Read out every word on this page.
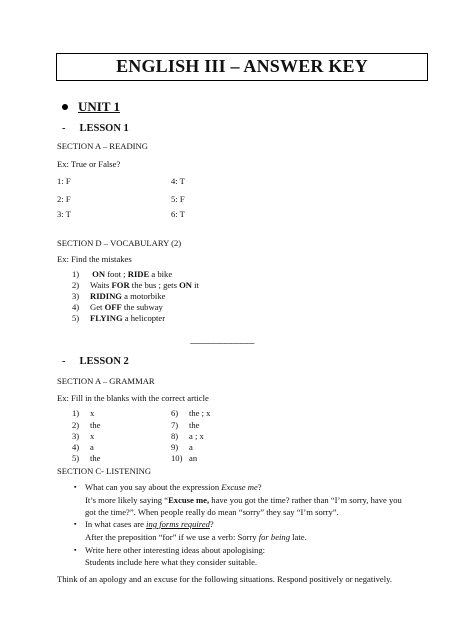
ENGLISH III – ANSWER KEY
UNIT 1
- LESSON 1
SECTION A – READING
Ex: True or False?
1: F	4: T
2: F	5: F
3: T	6: T
SECTION D – VOCABULARY (2)
Ex: Find the mistakes
1) ON foot ; RIDE a bike
2) Waits FOR the bus ; gets ON it
3) RIDING a motorbike
4) Get OFF the subway
5) FLYING a helicopter
-----------------------------------
- LESSON 2
SECTION A – GRAMMAR
Ex: Fill in the blanks with the correct article
1) x	6) the ; x
2) the	7) the
3) x	8) a ; x
4) a	9) a
5) the	10) an
SECTION C- LISTENING
▪ What can you say about the expression Excuse me?
It’s more likely saying “Excuse me, have you got the time? rather than “I’m sorry, have you
got the time?”. When people really do mean “sorry” they say “I’m sorry”.
▪ In what cases are ing forms required?
After the preposition “for” if we use a verb: Sorry for being late.
▪ Write here other interesting ideas about apologising:
Students include here what they consider suitable.
Think of an apology and an excuse for the following situations. Respond positively or negatively.
